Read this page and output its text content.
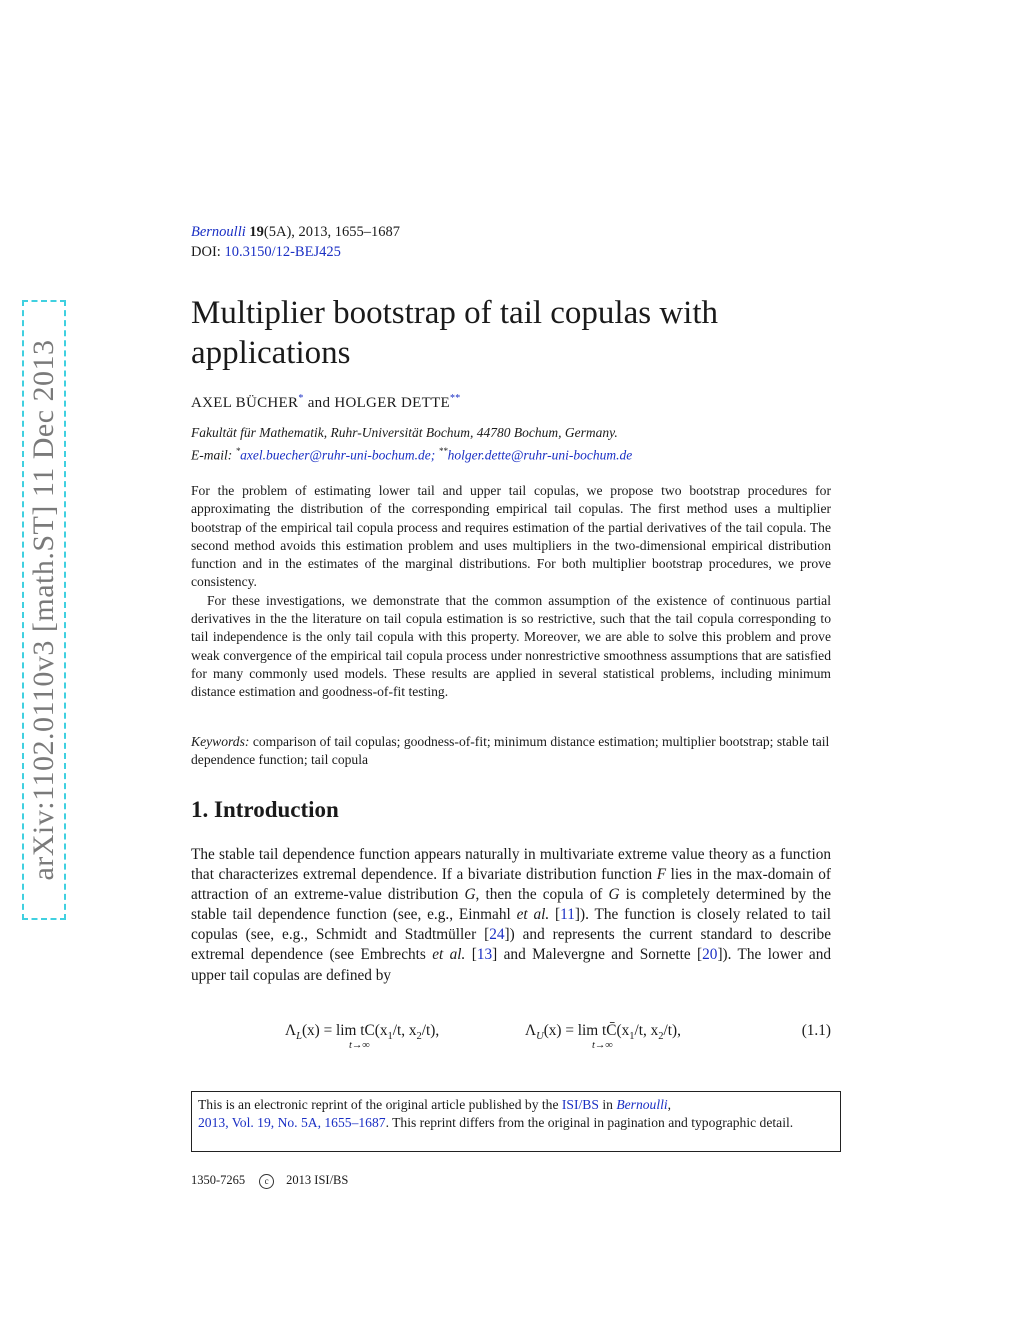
arXiv:1102.0110v3 [math.ST] 11 Dec 2013
Bernoulli 19(5A), 2013, 1655–1687
DOI: 10.3150/12-BEJ425
Multiplier bootstrap of tail copulas with applications
AXEL BÜCHER* and HOLGER DETTE**
Fakultät für Mathematik, Ruhr-Universität Bochum, 44780 Bochum, Germany.
E-mail: *axel.buecher@ruhr-uni-bochum.de; **holger.dette@ruhr-uni-bochum.de

For the problem of estimating lower tail and upper tail copulas, we propose two bootstrap procedures for approximating the distribution of the corresponding empirical tail copulas. The first method uses a multiplier bootstrap of the empirical tail copula process and requires estimation of the partial derivatives of the tail copula. The second method avoids this estimation problem and uses multipliers in the two-dimensional empirical distribution function and in the estimates of the marginal distributions. For both multiplier bootstrap procedures, we prove consistency.

For these investigations, we demonstrate that the common assumption of the existence of continuous partial derivatives in the the literature on tail copula estimation is so restrictive, such that the tail copula corresponding to tail independence is the only tail copula with this property. Moreover, we are able to solve this problem and prove weak convergence of the empirical tail copula process under nonrestrictive smoothness assumptions that are satisfied for many commonly used models. These results are applied in several statistical problems, including minimum distance estimation and goodness-of-fit testing.

Keywords: comparison of tail copulas; goodness-of-fit; minimum distance estimation; multiplier bootstrap; stable tail dependence function; tail copula
1. Introduction

The stable tail dependence function appears naturally in multivariate extreme value theory as a function that characterizes extremal dependence. If a bivariate distribution function F lies in the max-domain of attraction of an extreme-value distribution G, then the copula of G is completely determined by the stable tail dependence function (see, e.g., Einmahl et al. [11]). The function is closely related to tail copulas (see, e.g., Schmidt and Stadtmüller [24]) and represents the current standard to describe extremal dependence (see Embrechts et al. [13] and Malevergne and Sornette [20]). The lower and upper tail copulas are defined by

$\Lambda_L(x) = \lim tC(x_1/t$, $x_2/t$),
t→∞
$\Lambda_U(x) = \lim$ $tC̄(x_1/t$, $x_2/t$),
t→∞
(1.1)
This is an electronic reprint of the original article published by the ISI/BS in Bernoulli,
2013, Vol. 19, No. 5A, 1655–1687. This reprint differs from the original in pagination and typographic detail.
1350-7265 c 2013 ISI/BS
